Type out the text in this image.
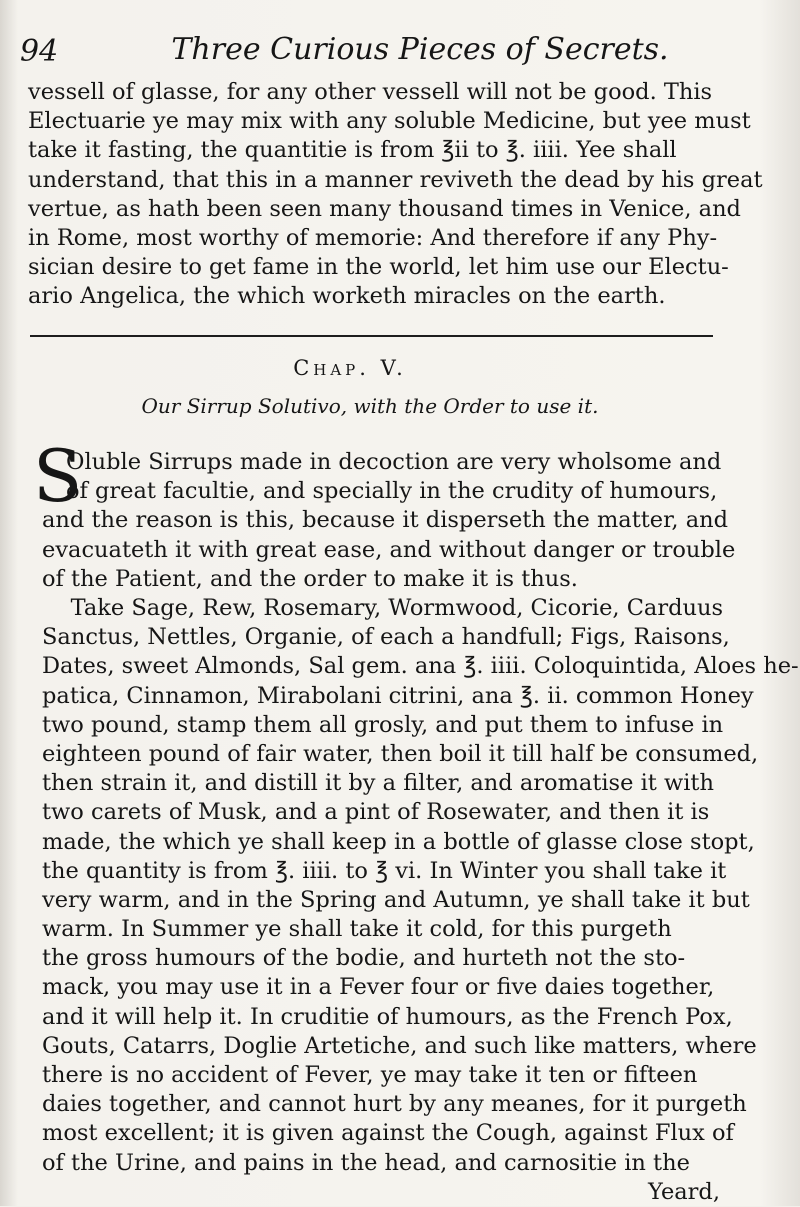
94	Three Curious Pieces of Secrets.
vessell of glasse, for any other vessell will not be good. This
Electuarie ye may mix with any soluble Medicine, but yee must
take it fasting, the quantitie is from ℥ii to ℥. iiii. Yee shall
understand, that this in a manner reviveth the dead by his great
vertue, as hath been seen many thousand times in Venice, and
in Rome, most worthy of memorie: And therefore if any Phy-
sician desire to get fame in the world, let him use our Electu-
ario Angelica, the which worketh miracles on the earth.
Chap. V.
Our Sirrup Solutivo, with the Order to use it.
S
Oluble Sirrups made in decoction are very wholsome and
of great facultie, and specially in the crudity of humours,
and the reason is this, because it disperseth the matter, and
evacuateth it with great ease, and without danger or trouble
of the Patient, and the order to make it is thus.
Take Sage, Rew, Rosemary, Wormwood, Cicorie, Carduus
Sanctus, Nettles, Organie, of each a handfull; Figs, Raisons,
Dates, sweet Almonds, Sal gem. ana ℥. iiii. Coloquintida, Aloes he-
patica, Cinnamon, Mirabolani citrini, ana ℥. ii. common Honey
two pound, stamp them all grosly, and put them to infuse in
eighteen pound of fair water, then boil it till half be consumed,
then strain it, and distill it by a filter, and aromatise it with
two carets of Musk, and a pint of Rosewater, and then it is
made, the which ye shall keep in a bottle of glasse close stopt,
the quantity is from ℥. iiii. to ℥ vi. In Winter you shall take it
very warm, and in the Spring and Autumn, ye shall take it but
warm. In Summer ye shall take it cold, for this purgeth
the gross humours of the bodie, and hurteth not the sto-
mack, you may use it in a Fever four or five daies together,
and it will help it. In cruditie of humours, as the French Pox,
Gouts, Catarrs, Doglie Artetiche, and such like matters, where
there is no accident of Fever, ye may take it ten or fifteen
daies together, and cannot hurt by any meanes, for it purgeth
most excellent; it is given against the Cough, against Flux of
of the Urine, and pains in the head, and carnositie in the
Yeard,
